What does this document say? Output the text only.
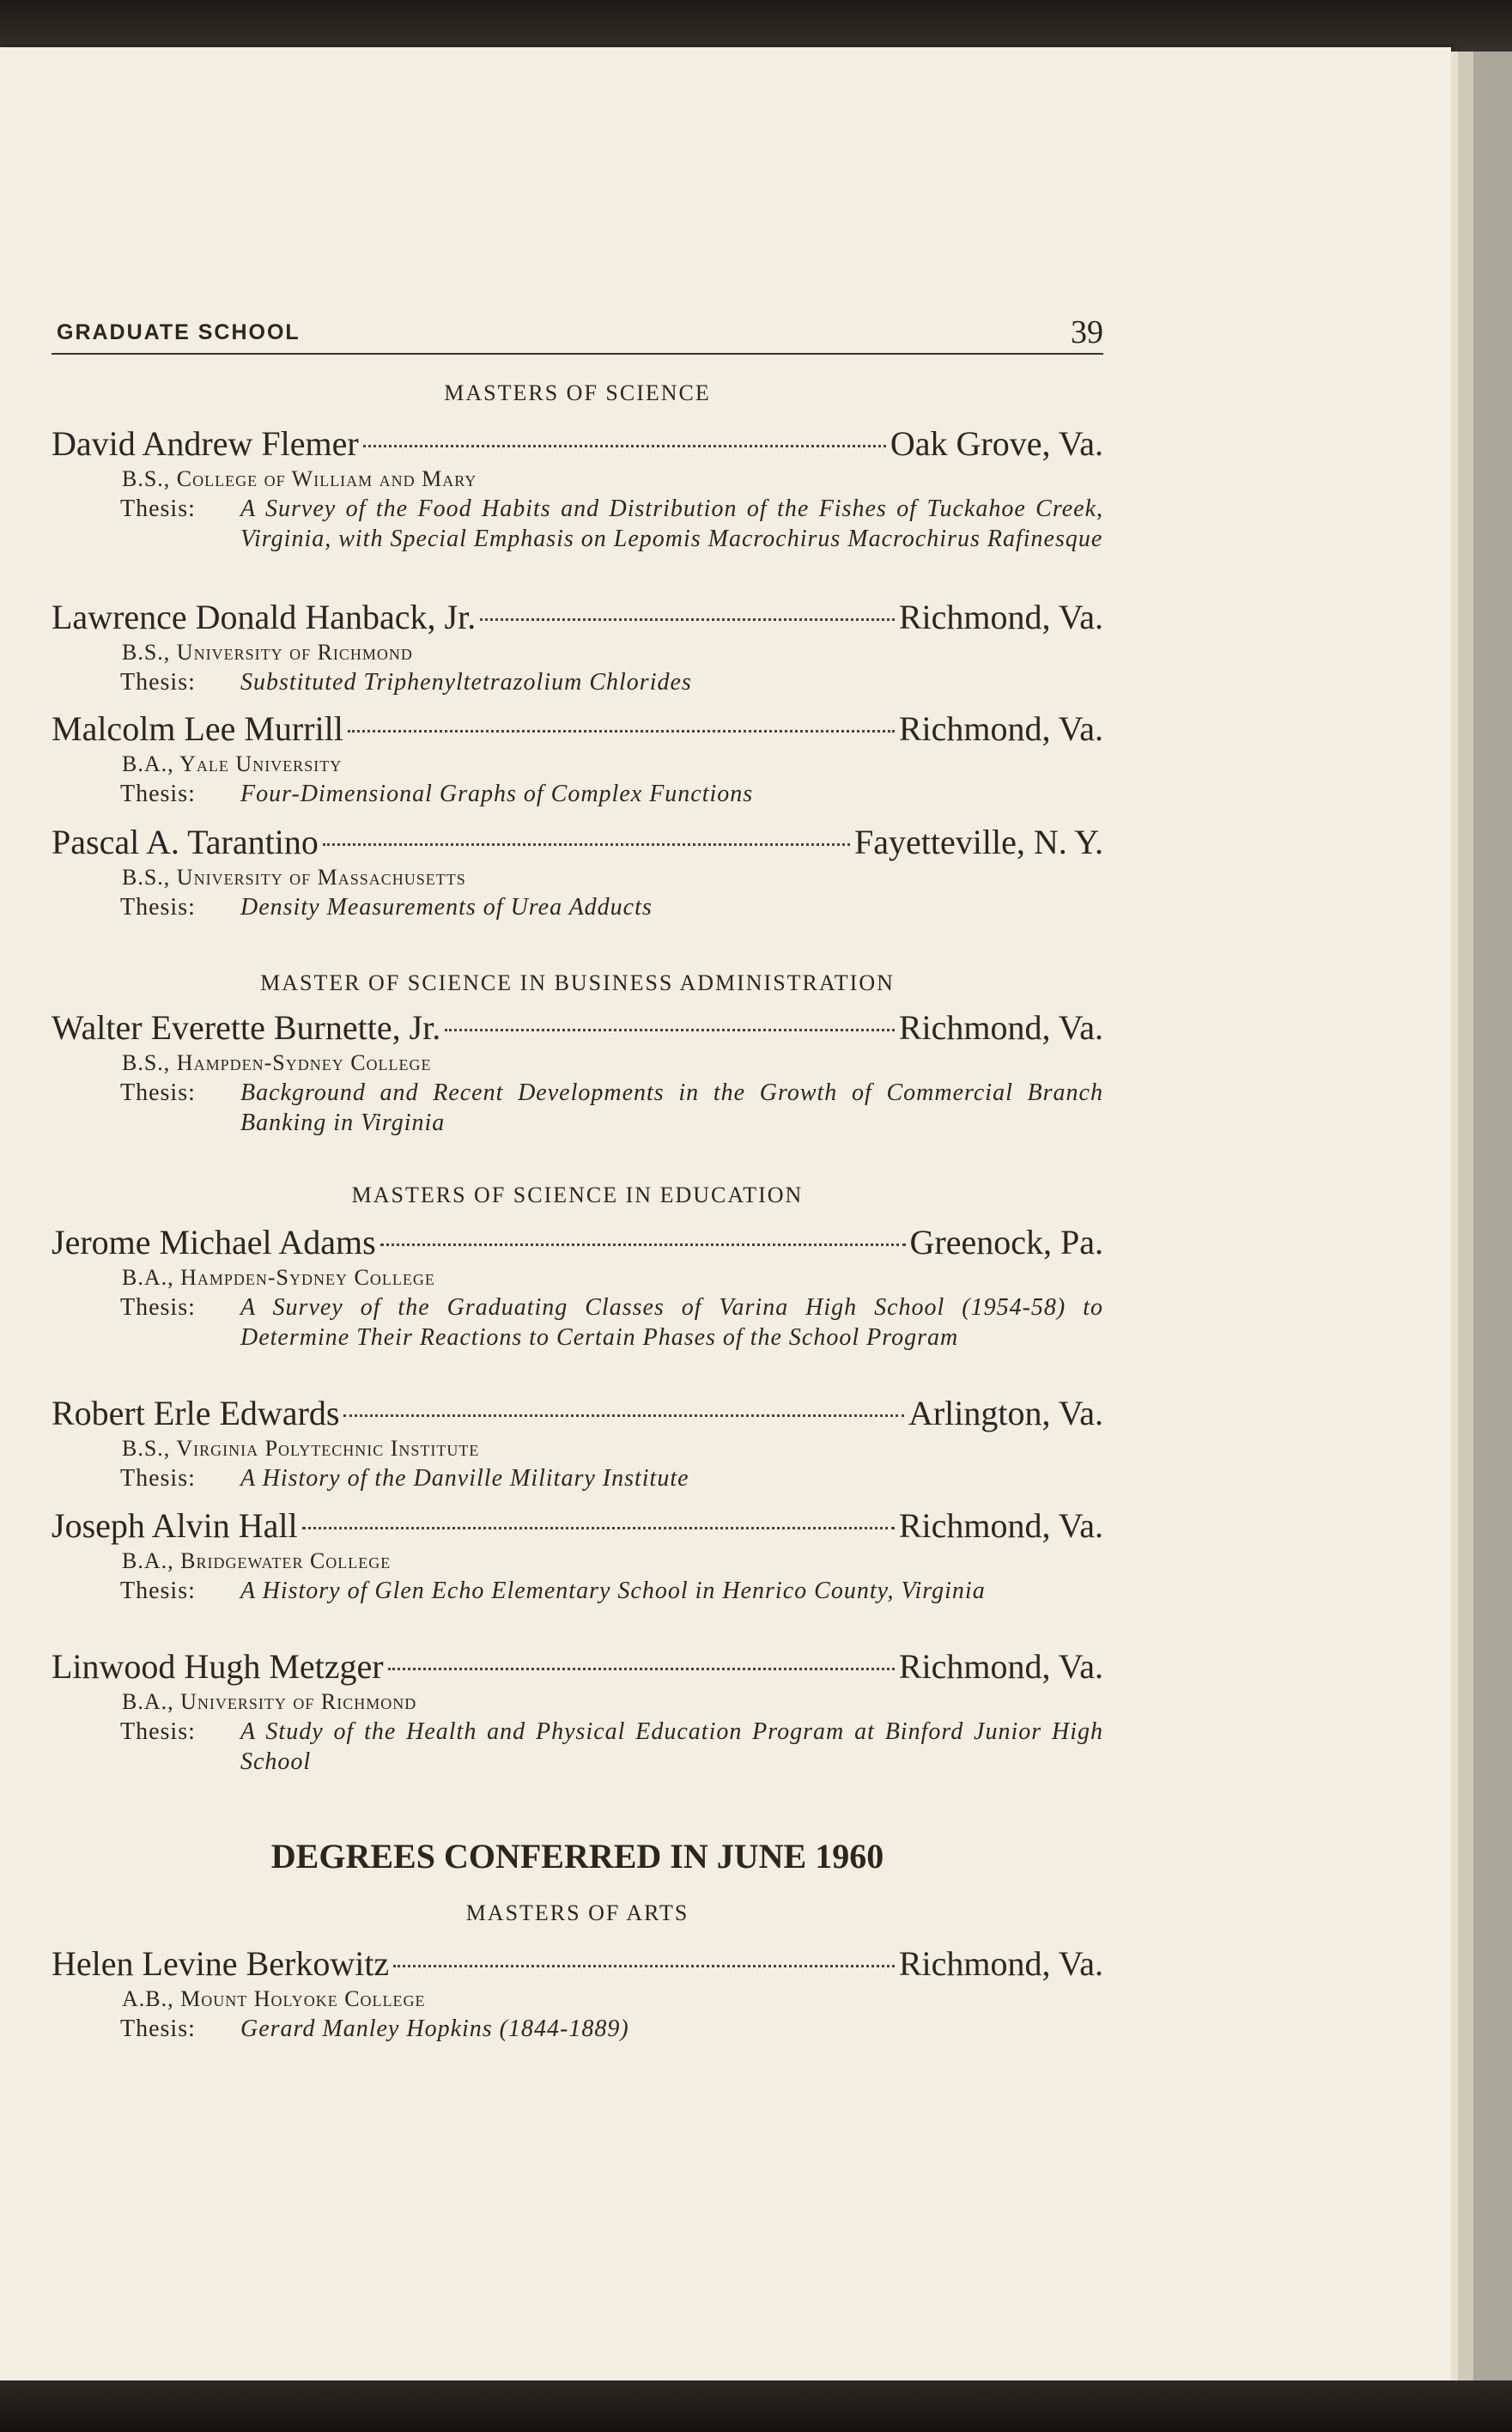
GRADUATE SCHOOL	39
MASTERS OF SCIENCE
David Andrew Flemer	Oak Grove, Va.
B.S., College of William and Mary
Thesis:	A Survey of the Food Habits and Distribution of the Fishes of Tuckahoe Creek, Virginia, with Special Emphasis on Lepomis Macrochirus Macrochirus Rafinesque
Lawrence Donald Hanback, Jr.	Richmond, Va.
B.S., University of Richmond
Thesis:	Substituted Triphenyltetrazolium Chlorides
Malcolm Lee Murrill	Richmond, Va.
B.A., Yale University
Thesis:	Four-Dimensional Graphs of Complex Functions
Pascal A. Tarantino	Fayetteville, N. Y.
B.S., University of Massachusetts
Thesis:	Density Measurements of Urea Adducts
MASTER OF SCIENCE IN BUSINESS ADMINISTRATION
Walter Everette Burnette, Jr.	Richmond, Va.
B.S., Hampden-Sydney College
Thesis:	Background and Recent Developments in the Growth of Commercial Branch Banking in Virginia
MASTERS OF SCIENCE IN EDUCATION
Jerome Michael Adams	Greenock, Pa.
B.A., Hampden-Sydney College
Thesis:	A Survey of the Graduating Classes of Varina High School (1954-58) to Determine Their Reactions to Certain Phases of the School Program
Robert Erle Edwards	Arlington, Va.
B.S., Virginia Polytechnic Institute
Thesis:	A History of the Danville Military Institute
Joseph Alvin Hall	Richmond, Va.
B.A., Bridgewater College
Thesis:	A History of Glen Echo Elementary School in Henrico County, Virginia
Linwood Hugh Metzger	Richmond, Va.
B.A., University of Richmond
Thesis:	A Study of the Health and Physical Education Program at Binford Junior High School
DEGREES CONFERRED IN JUNE 1960
MASTERS OF ARTS
Helen Levine Berkowitz	Richmond, Va.
A.B., Mount Holyoke College
Thesis:	Gerard Manley Hopkins (1844-1889)
